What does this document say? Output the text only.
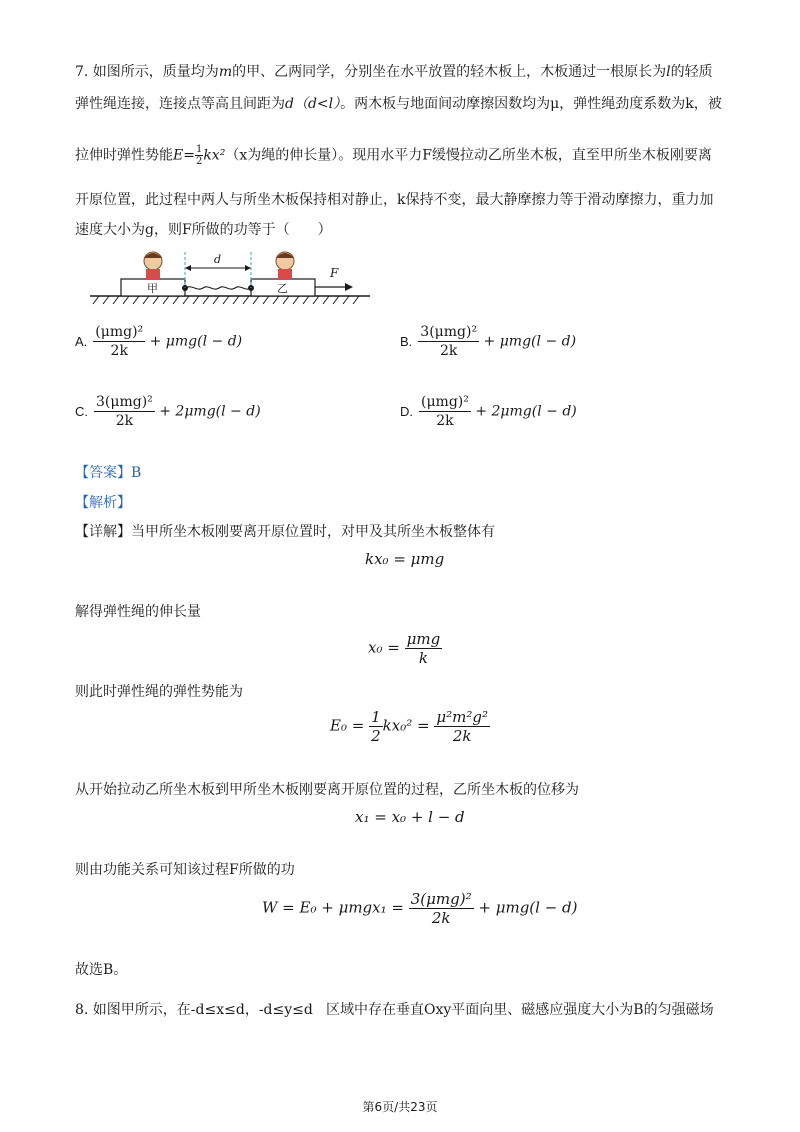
7. 如图所示，质量均为m的甲、乙两同学，分别坐在水平放置的轻木板上，木板通过一根原长为l的轻质
弹性绳连接，连接点等高且间距为d（d<l）。两木板与地面间动摩擦因数均为μ，弹性绳劲度系数为k，被
拉伸时弹性势能$E= \frac{1}{2} kx^2(x$为绳的伸长量）。现用水平力F缓慢拉动乙所坐木板，直至甲所坐木板刚要离
开原位置，此过程中两人与所坐木板保持相对静止，k保持不变，最大静摩擦力等于滑动摩擦力，重力加
速度大小为g，则F所做的功等于（　　）
甲	乙
d
F
A. $\frac{\text{(μmg)²}}{2k} + \mu mg(l - d)$	B. $\frac{\text{3(μmg)²}}{2k} + \mu mg(l - d)$
C. $\frac{\text{3(μmg)²}}{2k} + 2\mu mg(l - d)$	D. $\frac{\text{(μmg)²}}{2k} + 2\mu mg(l - d)$
【答案】B
【解析】
【详解】当甲所坐木板刚要离开原位置时，对甲及其所坐木板整体有
kx₀ = μmg
解得弹性绳的伸长量
$x_0 = \frac{\text{μmg}}{k}$
则此时弹性绳的弹性势能为
$E_0 = \frac{1}{2} kx_0^2 = \frac{\text{μ²m²g²}}{2k}$
从开始拉动乙所坐木板到甲所坐木板刚要离开原位置的过程，乙所坐木板的位移为
x₁ = x₀ + l − d
则由功能关系可知该过程F所做的功
$W = E_0 + \mu mgx_1 = \frac{\text{3(μmg)²}}{2k} + \mu mg(l - d)$
故选B。
8. 如图甲所示，在-d≤x≤d，-d≤y≤d 区域中存在垂直Oxy平面向里、磁感应强度大小为B的匀强磁场
第6页/共23页
